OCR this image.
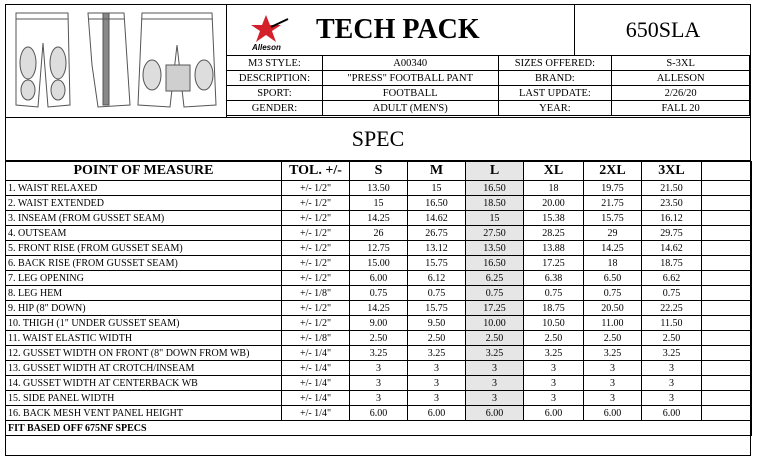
Alleson
TECH PACK	650SLA
M3 STYLE:	A00340	SIZES OFFERED:	S-3XL
DESCRIPTION:	"PRESS" FOOTBALL PANT	BRAND:	ALLESON
SPORT:	FOOTBALL	LAST UPDATE:	2/26/20
GENDER:	ADULT (MEN'S)	YEAR:	FALL 20
SPEC
POINT OF MEASURE	TOL. +/-	S	M	L	XL	2XL	3XL	
1. WAIST RELAXED	+/- 1/2"	13.50	15	16.50	18	19.75	21.50	
2. WAIST EXTENDED	+/- 1/2"	15	16.50	18.50	20.00	21.75	23.50	
3. INSEAM (FROM GUSSET SEAM)	+/- 1/2"	14.25	14.62	15	15.38	15.75	16.12	
4. OUTSEAM	+/- 1/2"	26	26.75	27.50	28.25	29	29.75	
5. FRONT RISE (FROM GUSSET SEAM)	+/- 1/2"	12.75	13.12	13.50	13.88	14.25	14.62	
6. BACK RISE (FROM GUSSET SEAM)	+/- 1/2"	15.00	15.75	16.50	17.25	18	18.75	
7. LEG OPENING	+/- 1/2"	6.00	6.12	6.25	6.38	6.50	6.62	
8. LEG HEM	+/- 1/8"	0.75	0.75	0.75	0.75	0.75	0.75	
9. HIP (8" DOWN)	+/- 1/2"	14.25	15.75	17.25	18.75	20.50	22.25	
10. THIGH (1" UNDER GUSSET SEAM)	+/- 1/2"	9.00	9.50	10.00	10.50	11.00	11.50	
11. WAIST ELASTIC WIDTH	+/- 1/8"	2.50	2.50	2.50	2.50	2.50	2.50	
12. GUSSET WIDTH ON FRONT (8" DOWN FROM WB)	+/- 1/4"	3.25	3.25	3.25	3.25	3.25	3.25	
13. GUSSET WIDTH AT CROTCH/INSEAM	+/- 1/4"	3	3	3	3	3	3	
14. GUSSET WIDTH AT CENTERBACK WB	+/- 1/4"	3	3	3	3	3	3	
15. SIDE PANEL WIDTH	+/- 1/4"	3	3	3	3	3	3	
16. BACK MESH VENT PANEL HEIGHT	+/- 1/4"	6.00	6.00	6.00	6.00	6.00	6.00	
FIT BASED OFF 675NF SPECS								
